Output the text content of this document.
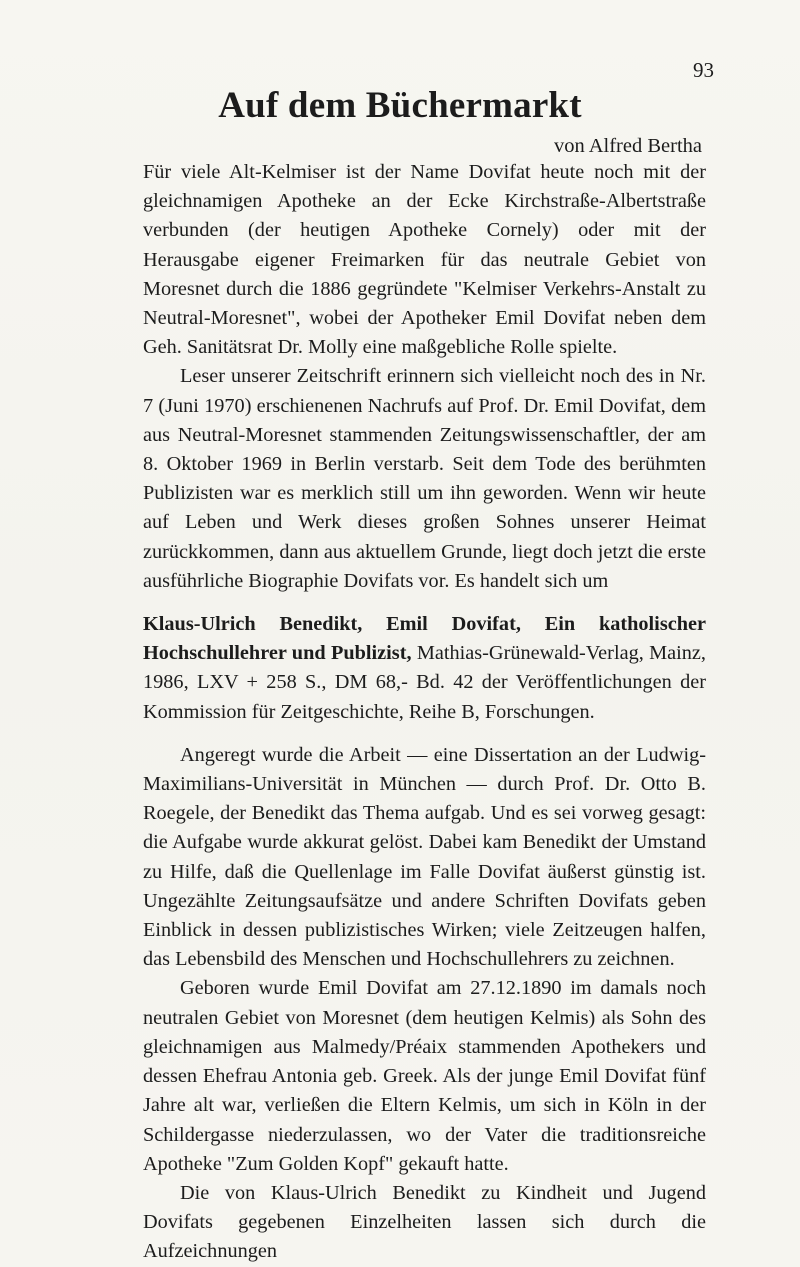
93
Auf dem Büchermarkt
von Alfred Bertha

Für viele Alt-Kelmiser ist der Name Dovifat heute noch mit der gleichnamigen Apotheke an der Ecke Kirchstraße-Albertstraße verbunden (der heutigen Apotheke Cornely) oder mit der Herausgabe eigener Freimarken für das neutrale Gebiet von Moresnet durch die 1886 gegründete "Kelmiser Verkehrs-Anstalt zu Neutral-Moresnet", wobei der Apotheker Emil Dovifat neben dem Geh. Sanitätsrat Dr. Molly eine maßgebliche Rolle spielte.

Leser unserer Zeitschrift erinnern sich vielleicht noch des in Nr. 7 (Juni 1970) erschienenen Nachrufs auf Prof. Dr. Emil Dovifat, dem aus Neutral-Moresnet stammenden Zeitungswissenschaftler, der am 8. Oktober 1969 in Berlin verstarb. Seit dem Tode des berühmten Publizisten war es merklich still um ihn geworden. Wenn wir heute auf Leben und Werk dieses großen Sohnes unserer Heimat zurückkommen, dann aus aktuellem Grunde, liegt doch jetzt die erste ausführliche Biographie Dovifats vor. Es handelt sich um

Klaus-Ulrich Benedikt, Emil Dovifat, Ein katholischer Hochschullehrer und Publizist, Mathias-Grünewald-Verlag, Mainz, 1986, LXV + 258 S., DM 68,- Bd. 42 der Veröffentlichungen der Kommission für Zeitgeschichte, Reihe B, Forschungen.

Angeregt wurde die Arbeit — eine Dissertation an der Ludwig-Maximilians-Universität in München — durch Prof. Dr. Otto B. Roegele, der Benedikt das Thema aufgab. Und es sei vorweg gesagt: die Aufgabe wurde akkurat gelöst. Dabei kam Benedikt der Umstand zu Hilfe, daß die Quellenlage im Falle Dovifat äußerst günstig ist. Ungezählte Zeitungsaufsätze und andere Schriften Dovifats geben Einblick in dessen publizistisches Wirken; viele Zeitzeugen halfen, das Lebensbild des Menschen und Hochschullehrers zu zeichnen.

Geboren wurde Emil Dovifat am 27.12.1890 im damals noch neutralen Gebiet von Moresnet (dem heutigen Kelmis) als Sohn des gleichnamigen aus Malmedy/Préaix stammenden Apothekers und dessen Ehefrau Antonia geb. Greek. Als der junge Emil Dovifat fünf Jahre alt war, verließen die Eltern Kelmis, um sich in Köln in der Schildergasse niederzulassen, wo der Vater die traditionsreiche Apotheke "Zum Golden Kopf" gekauft hatte.

Die von Klaus-Ulrich Benedikt zu Kindheit und Jugend Dovifats gegebenen Einzelheiten lassen sich durch die Aufzeichnungen
